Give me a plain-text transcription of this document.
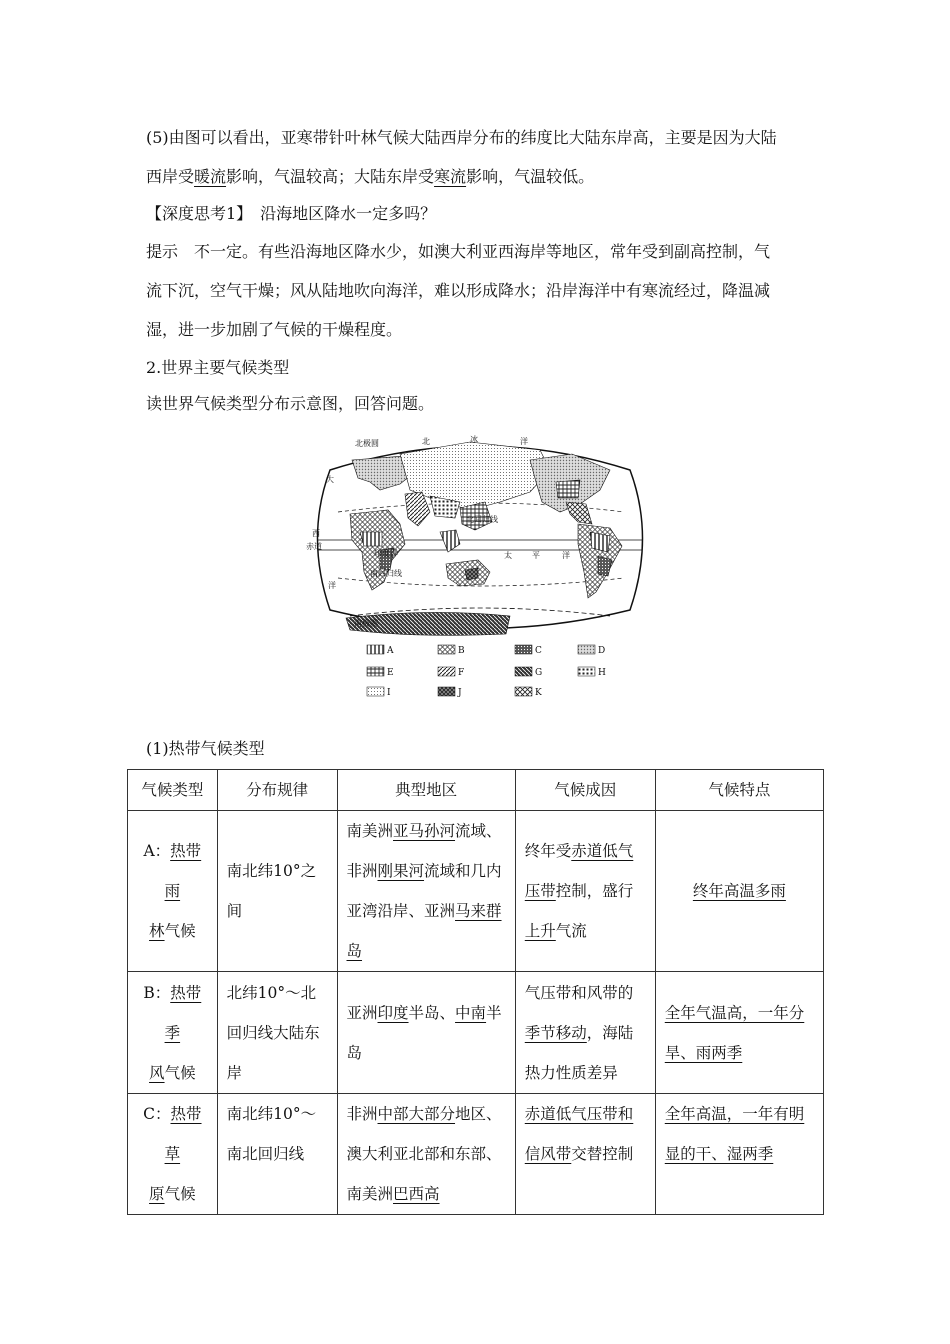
(5)由图可以看出，亚寒带针叶林气候大陆西岸分布的纬度比大陆东岸高，主要是因为大陆
西岸受暖流影响，气温较高；大陆东岸受寒流影响，气温较低。
【深度思考1】　沿海地区降水一定多吗？
提示　不一定。有些沿海地区降水少，如澳大利亚西海岸等地区，常年受到副高控制，气
流下沉，空气干燥；风从陆地吹向海洋，难以形成降水；沿岸海洋中有寒流经过，降温减
湿，进一步加剧了气候的干燥程度。
2.世界主要气候类型
读世界气候类型分布示意图，回答问题。
北极圆	北	冰	洋
大
西
赤道
洋
北回归线
南回归线
印度洋	太	平	洋
南极圈
A	B	C	D
E	F	G	H
I	J	K
(1)热带气候类型
气候类型	分布规律	典型地区	气候成因	气候特点
A：热带雨
林气候	南北纬10°之间	南美洲亚马孙河流域、非洲刚果河流域和几内亚湾沿岸、亚洲马来群岛	终年受赤道低气压带控制，盛行上升气流	终年高温多雨
B：热带季
风气候	北纬10°～北回归线大陆东岸	亚洲印度半岛、中南半岛	气压带和风带的季节移动，海陆热力性质差异	全年气温高，一年分旱、雨两季
C：热带草
原气候	南北纬10°～南北回归线	非洲中部大部分地区、澳大利亚北部和东部、南美洲巴西高	赤道低气压带和信风带交替控制	全年高温，一年有明显的干、湿两季
